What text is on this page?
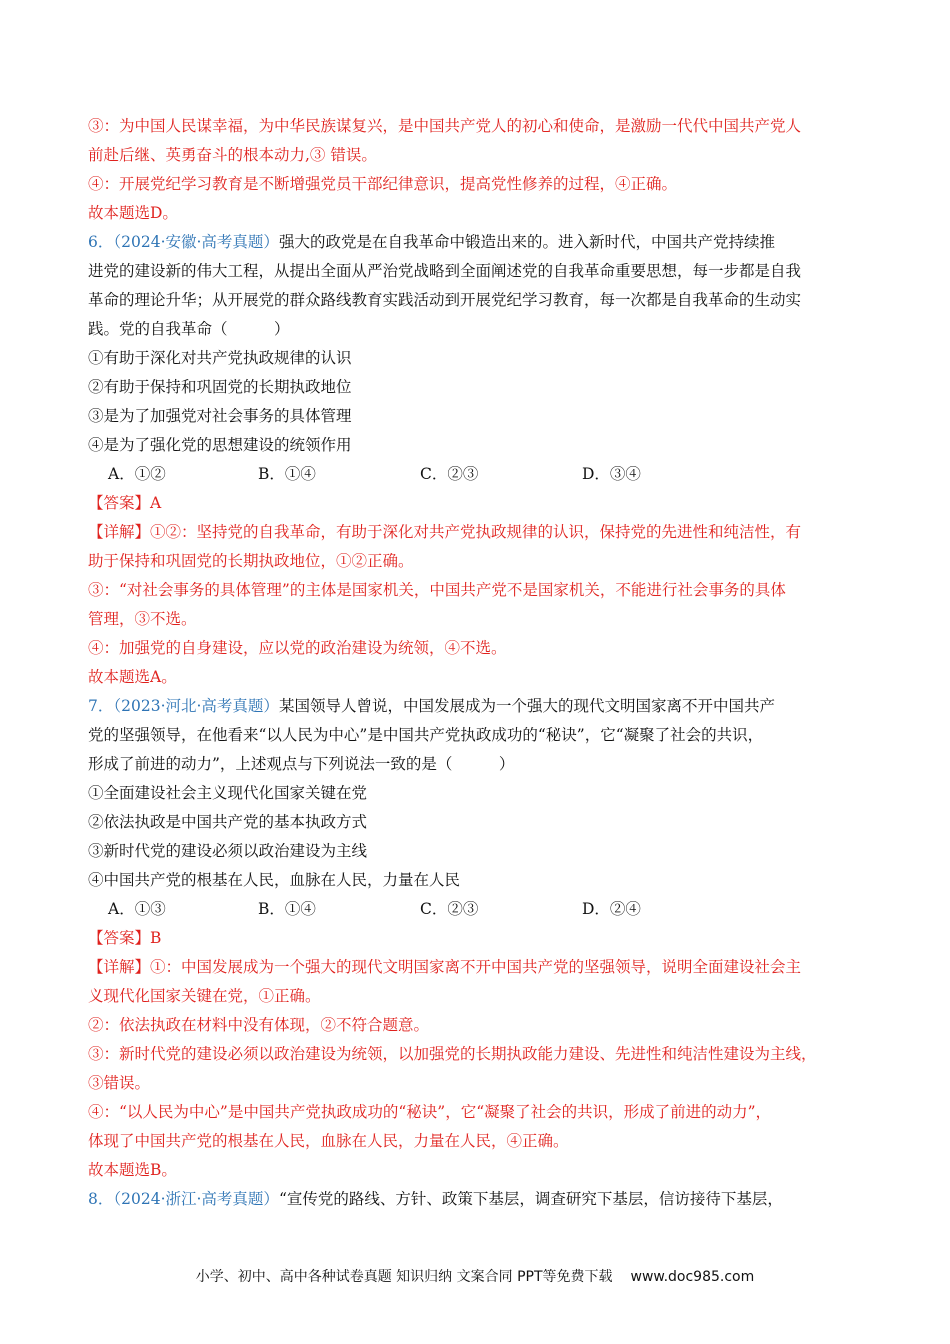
③：为中国人民谋幸福，为中华民族谋复兴，是中国共产党人的初心和使命，是激励一代代中国共产党人
前赴后继、英勇奋斗的根本动力,③ 错误。
④：开展党纪学习教育是不断增强党员干部纪律意识，提高党性修养的过程，④正确。
故本题选D。
6．（2024·安徽·高考真题）强大的政党是在自我革命中锻造出来的。进入新时代，中国共产党持续推
进党的建设新的伟大工程，从提出全面从严治党战略到全面阐述党的自我革命重要思想，每一步都是自我
革命的理论升华；从开展党的群众路线教育实践活动到开展党纪学习教育，每一次都是自我革命的生动实
践。党的自我革命（　　　）
①有助于深化对共产党执政规律的认识
②有助于保持和巩固党的长期执政地位
③是为了加强党对社会事务的具体管理
④是为了强化党的思想建设的统领作用
A．①②	B．①④	C．②③	D．③④
【答案】A
【详解】①②：坚持党的自我革命，有助于深化对共产党执政规律的认识，保持党的先进性和纯洁性，有
助于保持和巩固党的长期执政地位，①②正确。
③：“对社会事务的具体管理”的主体是国家机关，中国共产党不是国家机关，不能进行社会事务的具体
管理，③不选。
④：加强党的自身建设，应以党的政治建设为统领，④不选。
故本题选A。
7．（2023·河北·高考真题）某国领导人曾说，中国发展成为一个强大的现代文明国家离不开中国共产
党的坚强领导，在他看来“以人民为中心”是中国共产党执政成功的“秘诀”，它“凝聚了社会的共识，
形成了前进的动力”，上述观点与下列说法一致的是（　　　）
①全面建设社会主义现代化国家关键在党
②依法执政是中国共产党的基本执政方式
③新时代党的建设必须以政治建设为主线
④中国共产党的根基在人民，血脉在人民，力量在人民
A．①③	B．①④	C．②③	D．②④
【答案】B
【详解】①：中国发展成为一个强大的现代文明国家离不开中国共产党的坚强领导，说明全面建设社会主
义现代化国家关键在党，①正确。
②：依法执政在材料中没有体现，②不符合题意。
③：新时代党的建设必须以政治建设为统领，以加强党的长期执政能力建设、先进性和纯洁性建设为主线，
③错误。
④：“以人民为中心”是中国共产党执政成功的“秘诀”，它“凝聚了社会的共识，形成了前进的动力”，
体现了中国共产党的根基在人民，血脉在人民，力量在人民，④正确。
故本题选B。
8．（2024·浙江·高考真题）“宣传党的路线、方针、政策下基层，调查研究下基层，信访接待下基层，
小学、初中、高中各种试卷真题 知识归纳 文案合同 PPT等免费下载 www.doc985.com
